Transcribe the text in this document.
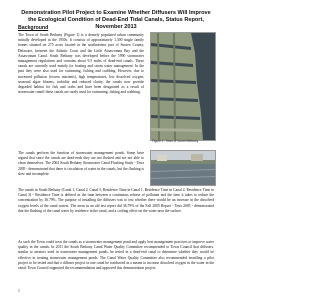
Demonstration Pilot Project to Examine Whether Diffusers Will Improve the Ecological Condition of Dead-End Tidal Canals, Status Report, November 2013
Background

The Town of South Bethany (Figure 1) is a densely populated urban community initially developed in the 1950s. It consists of approximately 1,300 single family homes situated on 275 acres located in the southeastern part of Sussex County, Delaware, between the Atlantic Coast and the Little Assawoman Bay and the Assawoman Canal. South Bethany was developed before the 1990 stormwater management regulations and contains about 9.5 miles of dead-end canals. These canals are currently used mainly for boating and storm water management. In the past they were also used for swimming, fishing and crabbing. However, due to increased pollution (excess nutrients), high temperatures, low dissolved oxygen, seasonal algae blooms, turbidity and reduced clarity, the canals now provide degraded habitat for fish and crabs and have been designated as a result of stormwater runoff these canals are rarely used for swimming, fishing and crabbing.

Figure 1. Town of South Bethany

The canals perform the function of stormwater management ponds. Some have argued that since the canals are dead-ends they are not flushed and are not able to clean themselves. The 2004 South Bethany Stormwater Canal Flushing Study - Tetra 2005 - demonstrated that there is circulation of water in the canals, but the flushing is slow and incomplete.

The canals in South Bethany (Canal 1, Canal 2, Canal 3, Residence Time in Canal 1, Residence Time in Canal 2, Residence Time in Canal 3) - Residence Time is defined as the time between a continuous release of pollutant and the time it takes to reduce the concentration by 36.79%. The purpose of installing the diffusers was to test whether there would be an increase in the dissolved oxygen levels of the canal waters. The areas in an old test report did 36.79% of the Fall 2005 Report - Tetra 2005 - demonstrated that the flushing of the canal water by residence in the canal, and a cooling effect on the water near the surface.

As such the Town could treat the canals as a stormwater management pond and apply best management practices to improve water quality in the canals. In 2011 the South Bethany Canal Water Quality Committee recommended to Town Council that diffusers, similar to aerators used in wastewater management ponds, be tested in a dead-end canal to determine whether they would be effective in treating stormwater management ponds. The Canal Water Quality Committee also recommended installing a pilot project to be tested and that a diffuser project in one canal be conducted as a means to increase dissolved oxygen in the water in the canal. Town Council supported the recommendation and approved this demonstration project.

1
